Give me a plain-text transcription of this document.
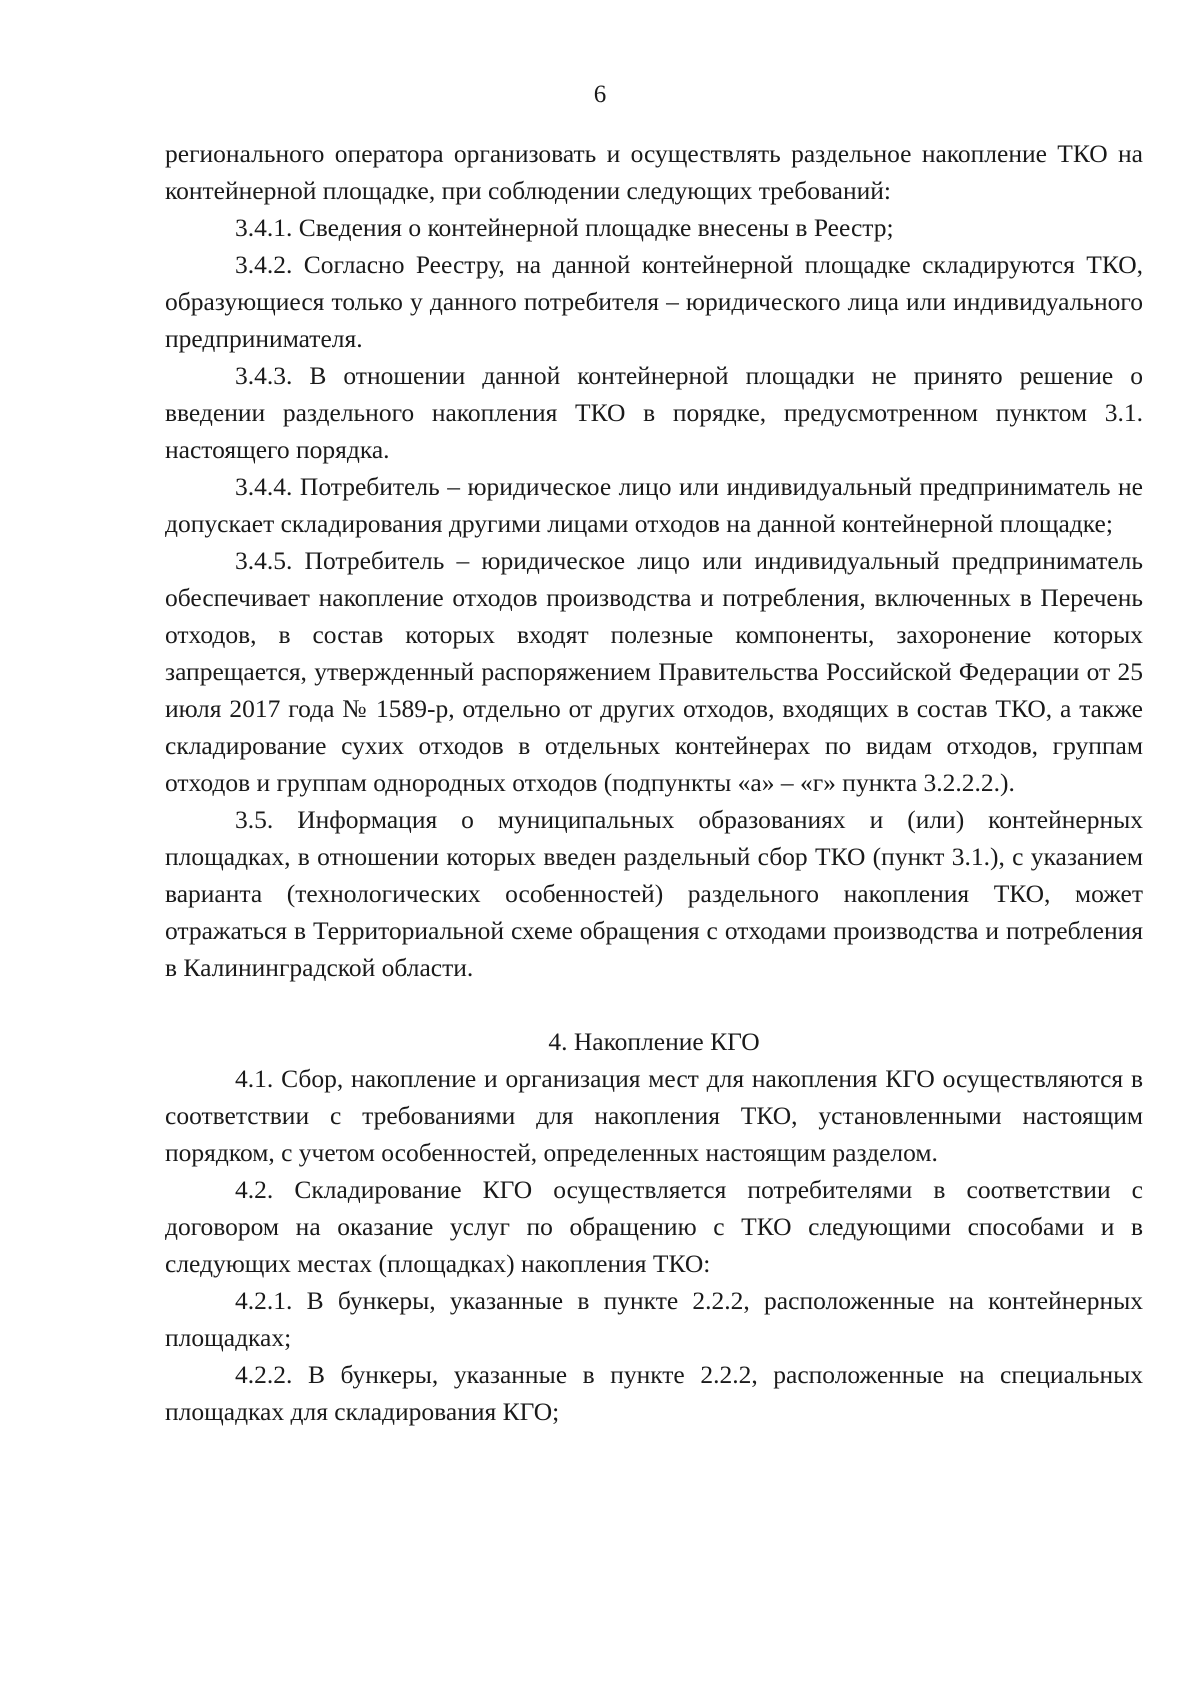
6

регионального оператора организовать и осуществлять раздельное накопление ТКО на контейнерной площадке, при соблюдении следующих требований:

3.4.1. Сведения о контейнерной площадке внесены в Реестр;

3.4.2. Согласно Реестру, на данной контейнерной площадке складируются ТКО, образующиеся только у данного потребителя – юридического лица или индивидуального предпринимателя.

3.4.3. В отношении данной контейнерной площадки не принято решение о введении раздельного накопления ТКО в порядке, предусмотренном пунктом 3.1. настоящего порядка.

3.4.4. Потребитель – юридическое лицо или индивидуальный предприниматель не допускает складирования другими лицами отходов на данной контейнерной площадке;

3.4.5. Потребитель – юридическое лицо или индивидуальный предприниматель обеспечивает накопление отходов производства и потребления, включенных в Перечень отходов, в состав которых входят полезные компоненты, захоронение которых запрещается, утвержденный распоряжением Правительства Российской Федерации от 25 июля 2017 года № 1589-р, отдельно от других отходов, входящих в состав ТКО, а также складирование сухих отходов в отдельных контейнерах по видам отходов, группам отходов и группам однородных отходов (подпункты «а» – «г» пункта 3.2.2.2.).

3.5. Информация о муниципальных образованиях и (или) контейнерных площадках, в отношении которых введен раздельный сбор ТКО (пункт 3.1.), с указанием варианта (технологических особенностей) раздельного накопления ТКО, может отражаться в Территориальной схеме обращения с отходами производства и потребления в Калининградской области.

4. Накопление КГО

4.1. Сбор, накопление и организация мест для накопления КГО осуществляются в соответствии с требованиями для накопления ТКО, установленными настоящим порядком, с учетом особенностей, определенных настоящим разделом.

4.2. Складирование КГО осуществляется потребителями в соответствии с договором на оказание услуг по обращению с ТКО следующими способами и в следующих местах (площадках) накопления ТКО:

4.2.1. В бункеры, указанные в пункте 2.2.2, расположенные на контейнерных площадках;

4.2.2. В бункеры, указанные в пункте 2.2.2, расположенные на специальных площадках для складирования КГО;
